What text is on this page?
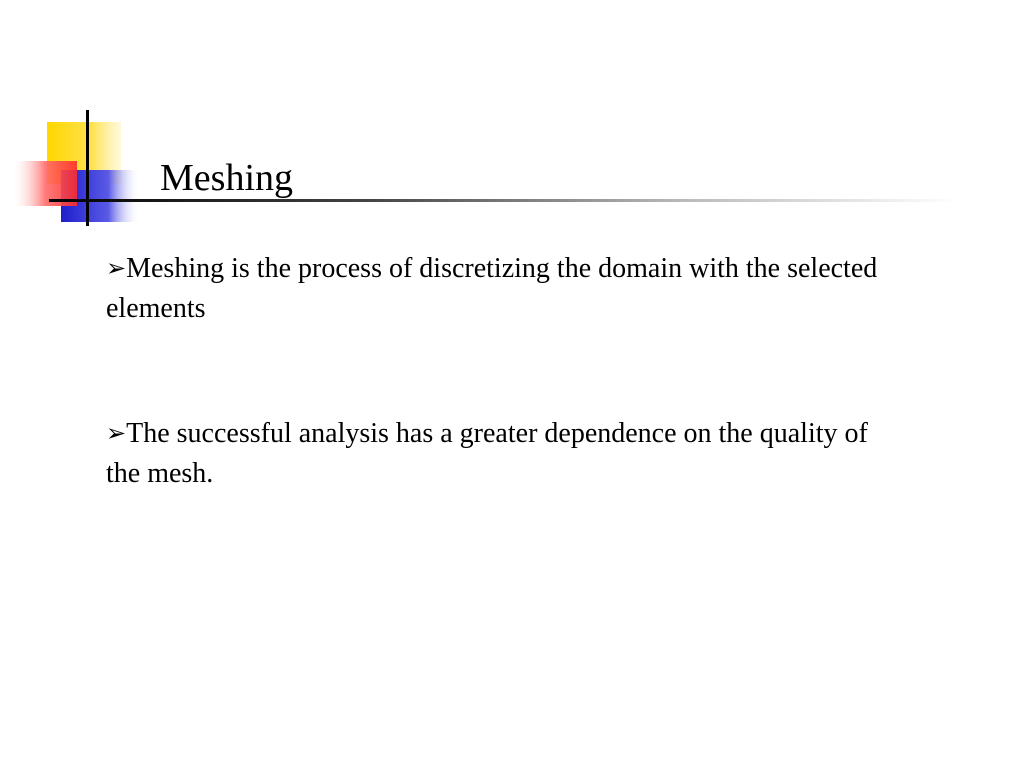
Meshing
➢Meshing is the process of discretizing the domain with the selected elements
➢The successful analysis has a greater dependence on the quality of the mesh.
